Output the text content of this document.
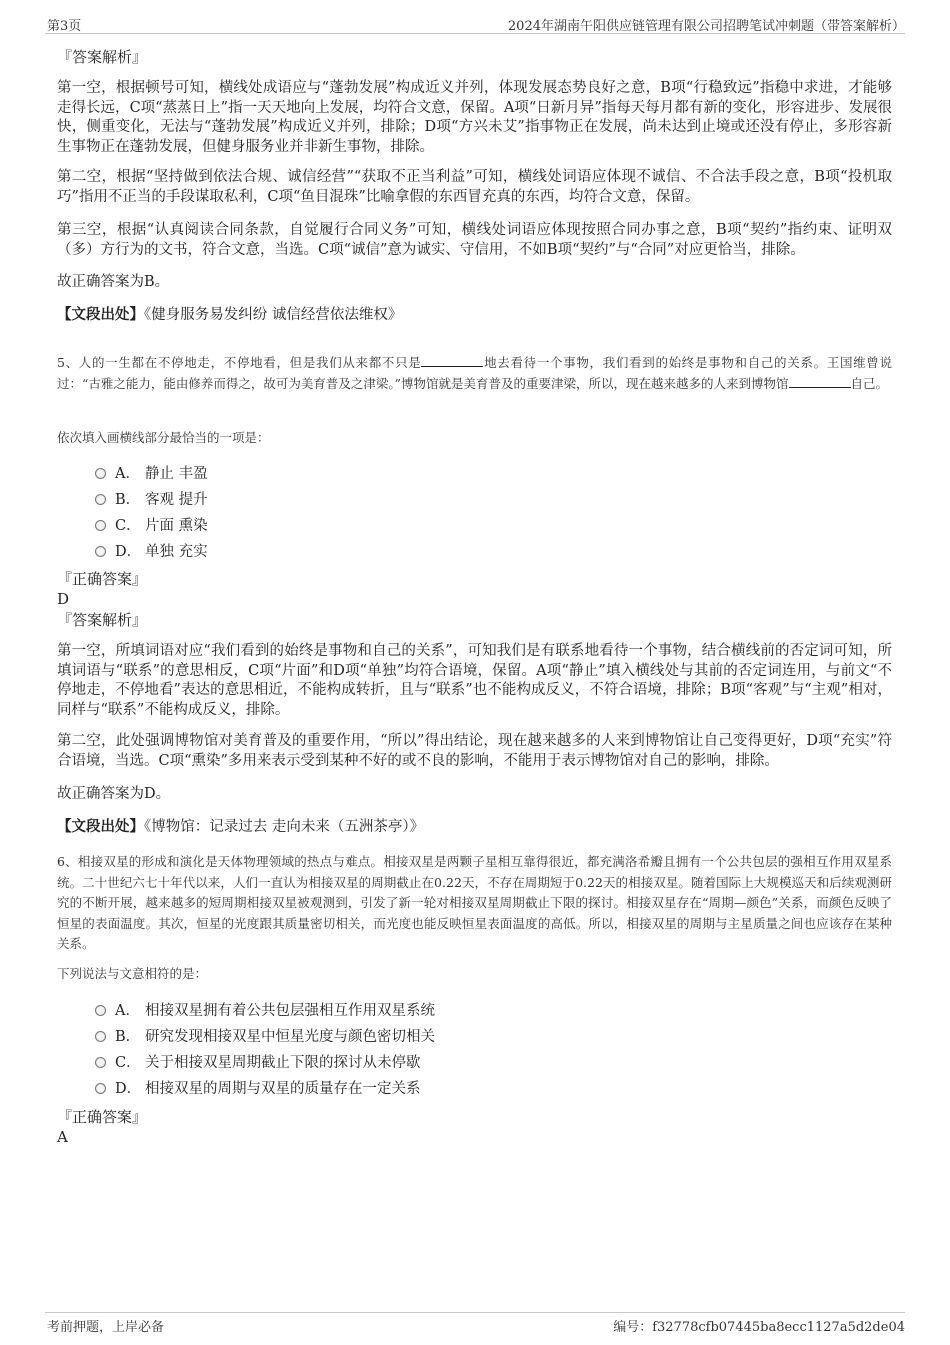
第3页	2024年湖南午阳供应链管理有限公司招聘笔试冲刺题（带答案解析）
『答案解析』
第一空，根据顿号可知，横线处成语应与“蓬勃发展”构成近义并列，体现发展态势良好之意，B项“行稳致远”指稳中求进，才能够走得长远，C项“蒸蒸日上”指一天天地向上发展，均符合文意，保留。A项“日新月异”指每天每月都有新的变化，形容进步、发展很快，侧重变化，无法与“蓬勃发展”构成近义并列，排除；D项“方兴未艾”指事物正在发展，尚未达到止境或还没有停止，多形容新生事物正在蓬勃发展，但健身服务业并非新生事物，排除。
第二空，根据“坚持做到依法合规、诚信经营”“获取不正当利益”可知，横线处词语应体现不诚信、不合法手段之意，B项“投机取巧”指用不正当的手段谋取私利，C项“鱼目混珠”比喻拿假的东西冒充真的东西，均符合文意，保留。
第三空，根据“认真阅读合同条款，自觉履行合同义务”可知，横线处词语应体现按照合同办事之意，B项“契约”指约束、证明双（多）方行为的文书，符合文意，当选。C项“诚信”意为诚实、守信用，不如B项“契约”与“合同”对应更恰当，排除。
故正确答案为B。
【文段出处】《健身服务易发纠纷 诚信经营依法维权》
5、人的一生都在不停地走，不停地看，但是我们从来都不只是	地去看待一个事物，我们看到的始终是事物和自己的关系。王国维曾说过：“古雅之能力，能由修养而得之，故可为美育普及之津梁。”博物馆就是美育普及的重要津梁，所以，现在越来越多的人来到博物馆	自己。
依次填入画横线部分最恰当的一项是：
A． 静止 丰盈
B． 客观 提升
C． 片面 熏染
D． 单独 充实
『正确答案』
D
『答案解析』
第一空，所填词语对应“我们看到的始终是事物和自己的关系”，可知我们是有联系地看待一个事物，结合横线前的否定词可知，所填词语与“联系”的意思相反，C项“片面”和D项“单独”均符合语境，保留。A项“静止”填入横线处与其前的否定词连用，与前文“不停地走，不停地看”表达的意思相近，不能构成转折，且与“联系”也不能构成反义，不符合语境，排除；B项“客观”与“主观”相对，同样与“联系”不能构成反义，排除。
第二空，此处强调博物馆对美育普及的重要作用，“所以”得出结论，现在越来越多的人来到博物馆让自己变得更好，D项“充实”符合语境，当选。C项“熏染”多用来表示受到某种不好的或不良的影响，不能用于表示博物馆对自己的影响，排除。
故正确答案为D。
【文段出处】《博物馆：记录过去 走向未来（五洲茶亭）》
6、相接双星的形成和演化是天体物理领域的热点与难点。相接双星是两颗子星相互靠得很近，都充满洛希瓣且拥有一个公共包层的强相互作用双星系统。二十世纪六七十年代以来，人们一直认为相接双星的周期截止在0.22天，不存在周期短于0.22天的相接双星。随着国际上大规模巡天和后续观测研究的不断开展，越来越多的短周期相接双星被观测到，引发了新一轮对相接双星周期截止下限的探讨。相接双星存在“周期—颜色”关系，而颜色反映了恒星的表面温度。其次，恒星的光度跟其质量密切相关，而光度也能反映恒星表面温度的高低。所以，相接双星的周期与主星质量之间也应该存在某种关系。
下列说法与文意相符的是：
A． 相接双星拥有着公共包层强相互作用双星系统
B． 研究发现相接双星中恒星光度与颜色密切相关
C． 关于相接双星周期截止下限的探讨从未停歇
D． 相接双星的周期与双星的质量存在一定关系
『正确答案』
A
考前押题，上岸必备	编号：f32778cfb07445ba8ecc1127a5d2de04
